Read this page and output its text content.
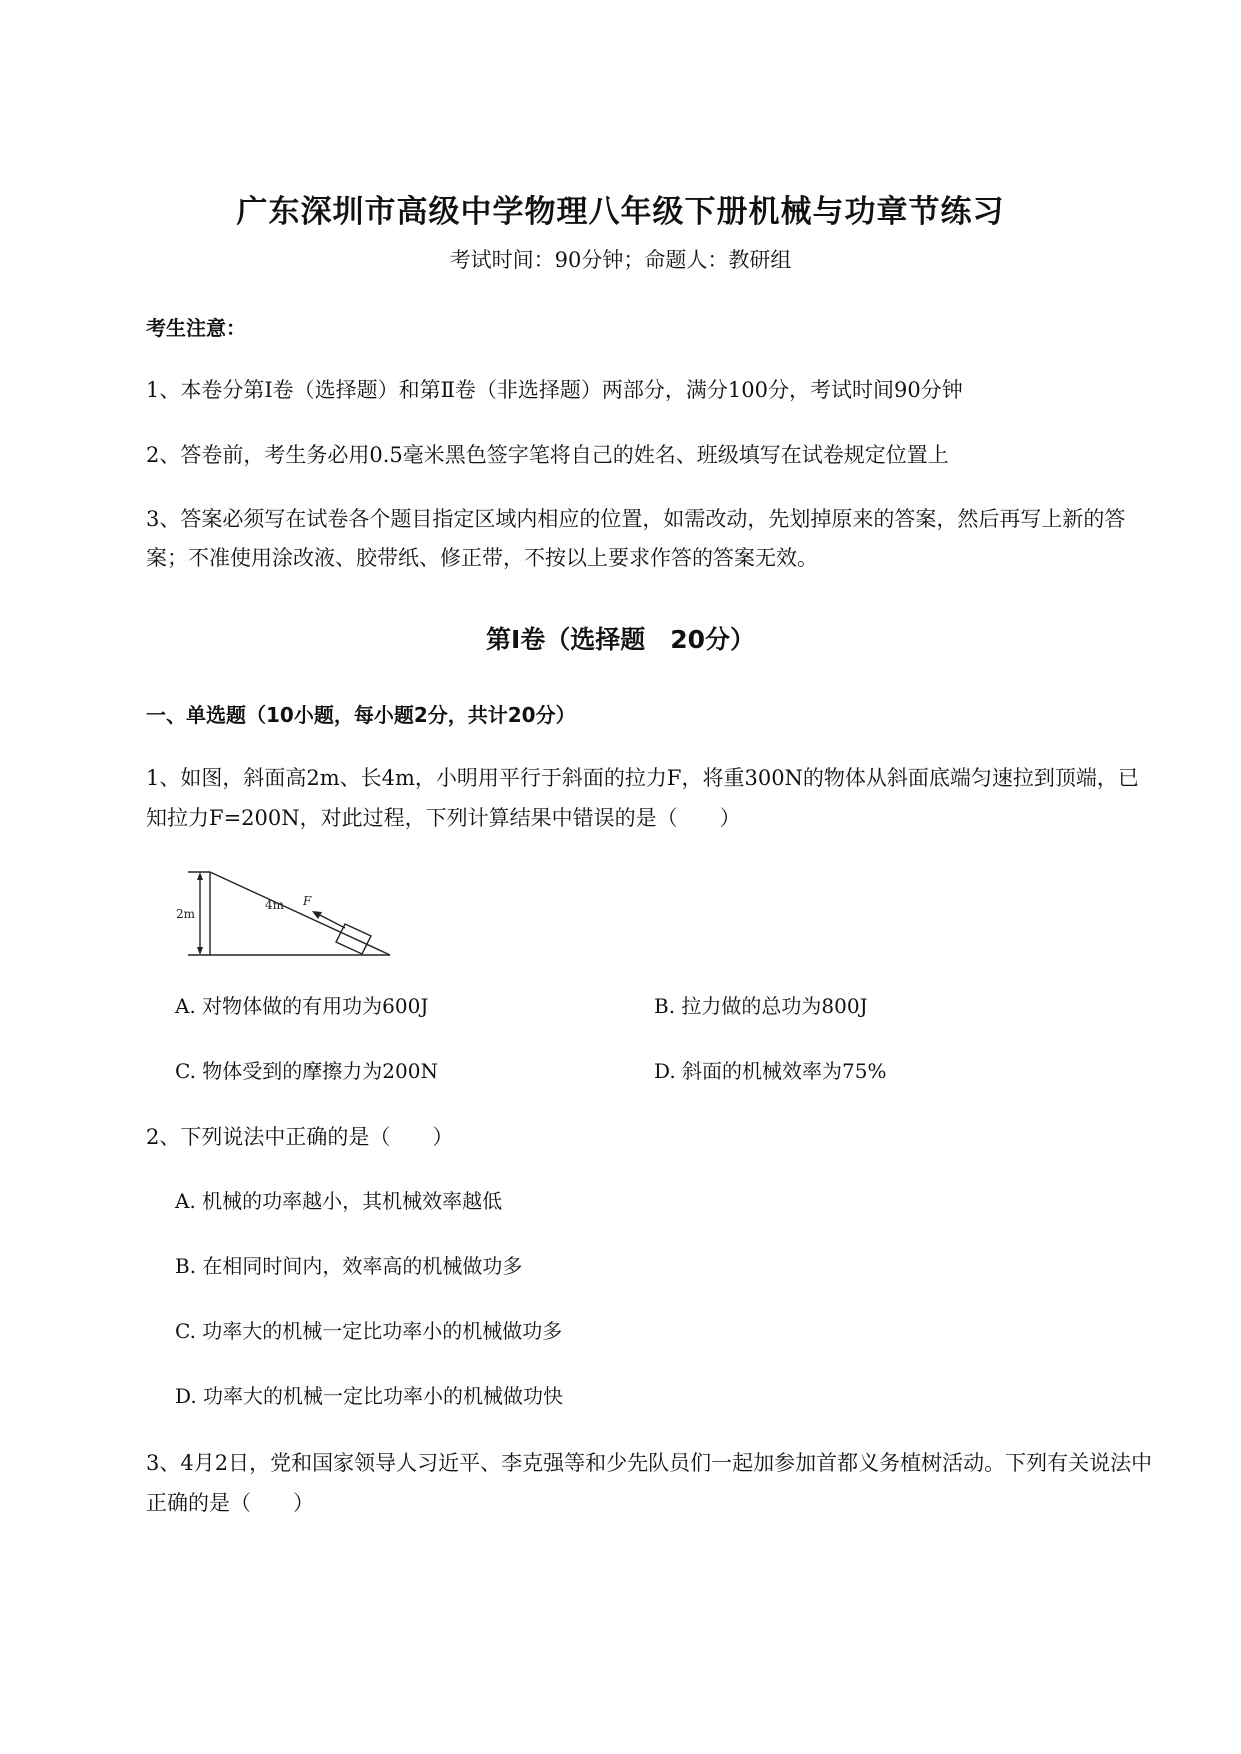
广东深圳市高级中学物理八年级下册机械与功章节练习
考试时间：90分钟；命题人：教研组
考生注意：
1、本卷分第I卷（选择题）和第Ⅱ卷（非选择题）两部分，满分100分，考试时间90分钟
2、答卷前，考生务必用0.5毫米黑色签字笔将自己的姓名、班级填写在试卷规定位置上
3、答案必须写在试卷各个题目指定区域内相应的位置，如需改动，先划掉原来的答案，然后再写上新的答案；不准使用涂改液、胶带纸、修正带，不按以上要求作答的答案无效。
第I卷（选择题　20分）
一、单选题（10小题，每小题2分，共计20分）
1、如图，斜面高2m、长4m，小明用平行于斜面的拉力F，将重300N的物体从斜面底端匀速拉到顶端，已知拉力F=200N，对此过程，下列计算结果中错误的是（　　）
2m
4m F
A. 对物体做的有用功为600J	B. 拉力做的总功为800J
C. 物体受到的摩擦力为200N	D. 斜面的机械效率为75%
2、下列说法中正确的是（　　）
A. 机械的功率越小，其机械效率越低
B. 在相同时间内，效率高的机械做功多
C. 功率大的机械一定比功率小的机械做功多
D. 功率大的机械一定比功率小的机械做功快
3、4月2日，党和国家领导人习近平、李克强等和少先队员们一起加参加首都义务植树活动。下列有关说法中正确的是（　　）
